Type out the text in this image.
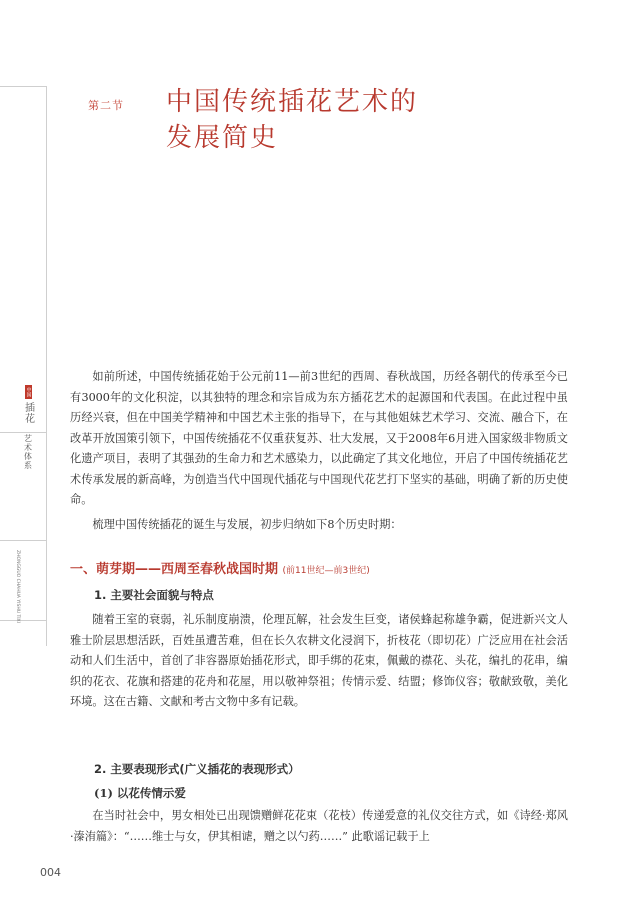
中国
插花
艺术体系
ZHONGGUO CHAHUA YISHU TIXI
第二节 中国传统插花艺术的
发展简史

如前所述，中国传统插花始于公元前11—前3世纪的西周、春秋战国，历经各朝代的传承至今已有3000年的文化积淀，以其独特的理念和宗旨成为东方插花艺术的起源国和代表国。在此过程中虽历经兴衰，但在中国美学精神和中国艺术主张的指导下，在与其他姐妹艺术学习、交流、融合下，在改革开放国策引领下，中国传统插花不仅重获复苏、壮大发展，又于2008年6月进入国家级非物质文化遗产项目，表明了其强劲的生命力和艺术感染力，以此确定了其文化地位，开启了中国传统插花艺术传承发展的新高峰，为创造当代中国现代插花与中国现代花艺打下坚实的基础，明确了新的历史使命。

梳理中国传统插花的诞生与发展，初步归纳如下8个历史时期：

一、萌芽期——西周至春秋战国时期 (前11世纪—前3世纪)
1. 主要社会面貌与特点

随着王室的衰弱，礼乐制度崩溃，伦理瓦解，社会发生巨变，诸侯蜂起称雄争霸，促进新兴文人雅士阶层思想活跃，百姓虽遭苦难，但在长久农耕文化浸润下，折枝花（即切花）广泛应用在社会活动和人们生活中，首创了非容器原始插花形式，即手绑的花束，佩戴的襟花、头花，编扎的花串，编织的花衣、花旗和搭建的花舟和花屋，用以敬神祭祖；传情示爱、结盟；修饰仪容；敬献致敬，美化环境。这在古籍、文献和考古文物中多有记载。

2. 主要表现形式(广义插花的表现形式）
(1) 以花传情示爱

在当时社会中，男女相处已出现馈赠鲜花花束（花枝）传递爱意的礼仪交往方式，如《诗经·郑风·溱洧篇》：“……维士与女，伊其相谑，赠之以勺药……” 此歌谣记载于上

004
